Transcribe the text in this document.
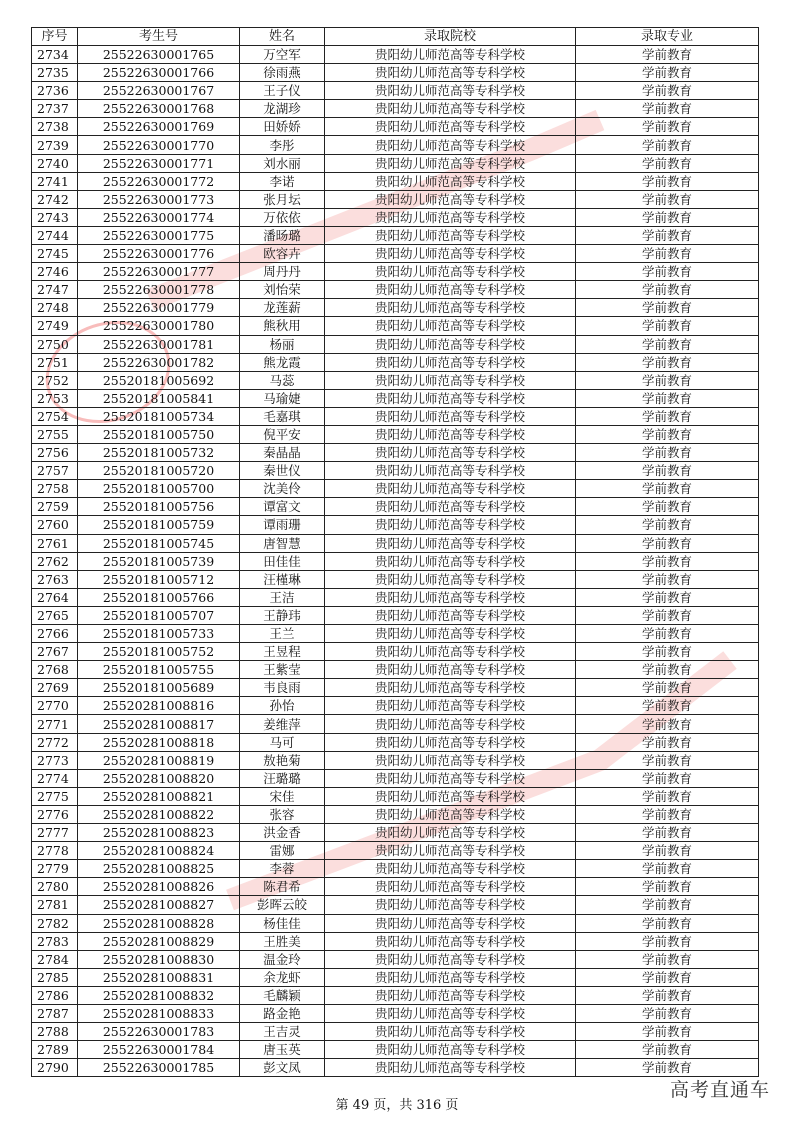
序号	考生号	姓名	录取院校	录取专业
2734	25522630001765	万空军	贵阳幼儿师范高等专科学校	学前教育
2735	25522630001766	徐雨燕	贵阳幼儿师范高等专科学校	学前教育
2736	25522630001767	王子仪	贵阳幼儿师范高等专科学校	学前教育
2737	25522630001768	龙湖珍	贵阳幼儿师范高等专科学校	学前教育
2738	25522630001769	田娇娇	贵阳幼儿师范高等专科学校	学前教育
2739	25522630001770	李彤	贵阳幼儿师范高等专科学校	学前教育
2740	25522630001771	刘水丽	贵阳幼儿师范高等专科学校	学前教育
2741	25522630001772	李诺	贵阳幼儿师范高等专科学校	学前教育
2742	25522630001773	张月坛	贵阳幼儿师范高等专科学校	学前教育
2743	25522630001774	万依依	贵阳幼儿师范高等专科学校	学前教育
2744	25522630001775	潘旸璐	贵阳幼儿师范高等专科学校	学前教育
2745	25522630001776	欧容卉	贵阳幼儿师范高等专科学校	学前教育
2746	25522630001777	周丹丹	贵阳幼儿师范高等专科学校	学前教育
2747	25522630001778	刘怡荣	贵阳幼儿师范高等专科学校	学前教育
2748	25522630001779	龙莲薪	贵阳幼儿师范高等专科学校	学前教育
2749	25522630001780	熊秋用	贵阳幼儿师范高等专科学校	学前教育
2750	25522630001781	杨丽	贵阳幼儿师范高等专科学校	学前教育
2751	25522630001782	熊龙霞	贵阳幼儿师范高等专科学校	学前教育
2752	25520181005692	马蕊	贵阳幼儿师范高等专科学校	学前教育
2753	25520181005841	马瑜婕	贵阳幼儿师范高等专科学校	学前教育
2754	25520181005734	毛嘉琪	贵阳幼儿师范高等专科学校	学前教育
2755	25520181005750	倪平安	贵阳幼儿师范高等专科学校	学前教育
2756	25520181005732	秦晶晶	贵阳幼儿师范高等专科学校	学前教育
2757	25520181005720	秦世仪	贵阳幼儿师范高等专科学校	学前教育
2758	25520181005700	沈美伶	贵阳幼儿师范高等专科学校	学前教育
2759	25520181005756	谭富文	贵阳幼儿师范高等专科学校	学前教育
2760	25520181005759	谭雨珊	贵阳幼儿师范高等专科学校	学前教育
2761	25520181005745	唐智慧	贵阳幼儿师范高等专科学校	学前教育
2762	25520181005739	田佳佳	贵阳幼儿师范高等专科学校	学前教育
2763	25520181005712	汪槿琳	贵阳幼儿师范高等专科学校	学前教育
2764	25520181005766	王洁	贵阳幼儿师范高等专科学校	学前教育
2765	25520181005707	王静玮	贵阳幼儿师范高等专科学校	学前教育
2766	25520181005733	王兰	贵阳幼儿师范高等专科学校	学前教育
2767	25520181005752	王昱程	贵阳幼儿师范高等专科学校	学前教育
2768	25520181005755	王紫莹	贵阳幼儿师范高等专科学校	学前教育
2769	25520181005689	韦良雨	贵阳幼儿师范高等专科学校	学前教育
2770	25520281008816	孙怡	贵阳幼儿师范高等专科学校	学前教育
2771	25520281008817	姜维萍	贵阳幼儿师范高等专科学校	学前教育
2772	25520281008818	马可	贵阳幼儿师范高等专科学校	学前教育
2773	25520281008819	敖艳菊	贵阳幼儿师范高等专科学校	学前教育
2774	25520281008820	汪璐璐	贵阳幼儿师范高等专科学校	学前教育
2775	25520281008821	宋佳	贵阳幼儿师范高等专科学校	学前教育
2776	25520281008822	张容	贵阳幼儿师范高等专科学校	学前教育
2777	25520281008823	洪金香	贵阳幼儿师范高等专科学校	学前教育
2778	25520281008824	雷娜	贵阳幼儿师范高等专科学校	学前教育
2779	25520281008825	李蓉	贵阳幼儿师范高等专科学校	学前教育
2780	25520281008826	陈君希	贵阳幼儿师范高等专科学校	学前教育
2781	25520281008827	彭晖云皎	贵阳幼儿师范高等专科学校	学前教育
2782	25520281008828	杨佳佳	贵阳幼儿师范高等专科学校	学前教育
2783	25520281008829	王胜美	贵阳幼儿师范高等专科学校	学前教育
2784	25520281008830	温金玲	贵阳幼儿师范高等专科学校	学前教育
2785	25520281008831	余龙虾	贵阳幼儿师范高等专科学校	学前教育
2786	25520281008832	毛麟颖	贵阳幼儿师范高等专科学校	学前教育
2787	25520281008833	路金艳	贵阳幼儿师范高等专科学校	学前教育
2788	25522630001783	王吉灵	贵阳幼儿师范高等专科学校	学前教育
2789	25522630001784	唐玉英	贵阳幼儿师范高等专科学校	学前教育
2790	25522630001785	彭文凤	贵阳幼儿师范高等专科学校	学前教育
第 49 页，共 316 页
高考直通车
